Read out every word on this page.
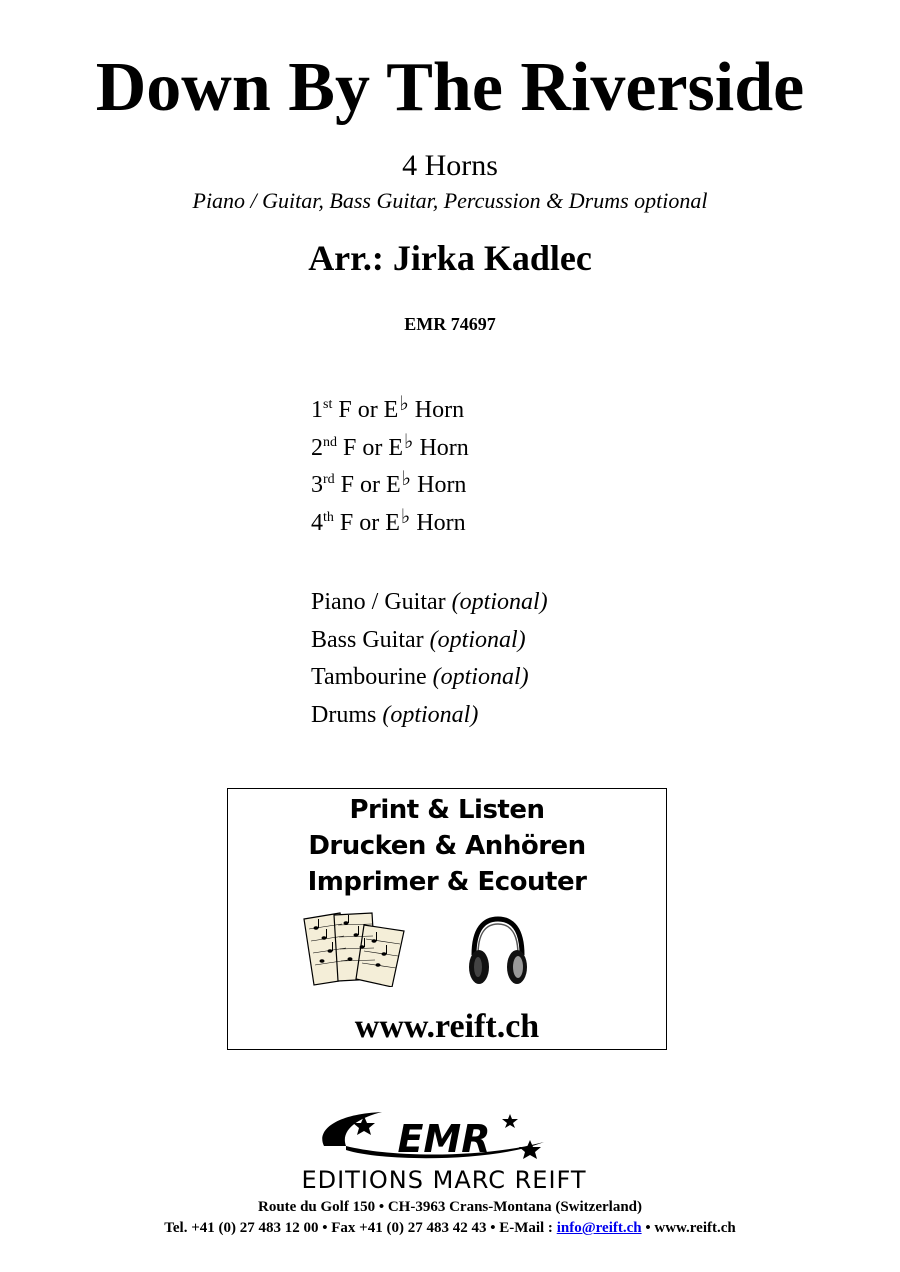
Down By The Riverside
4 Horns
Piano / Guitar, Bass Guitar, Percussion & Drums optional
Arr.: Jirka Kadlec
EMR 74697
1st F or E♭ Horn
2nd F or E♭ Horn
3rd F or E♭ Horn
4th F or E♭ Horn
Piano / Guitar (optional)
Bass Guitar (optional)
Tambourine (optional)
Drums (optional)
Print & Listen
Drucken & Anhören
Imprimer & Ecouter
www.reift.ch
EMR
EDITIONS MARC REIFT
Route du Golf 150 • CH-3963 Crans-Montana (Switzerland)
Tel. +41 (0) 27 483 12 00 • Fax +41 (0) 27 483 42 43 • E-Mail : info@reift.ch • www.reift.ch
